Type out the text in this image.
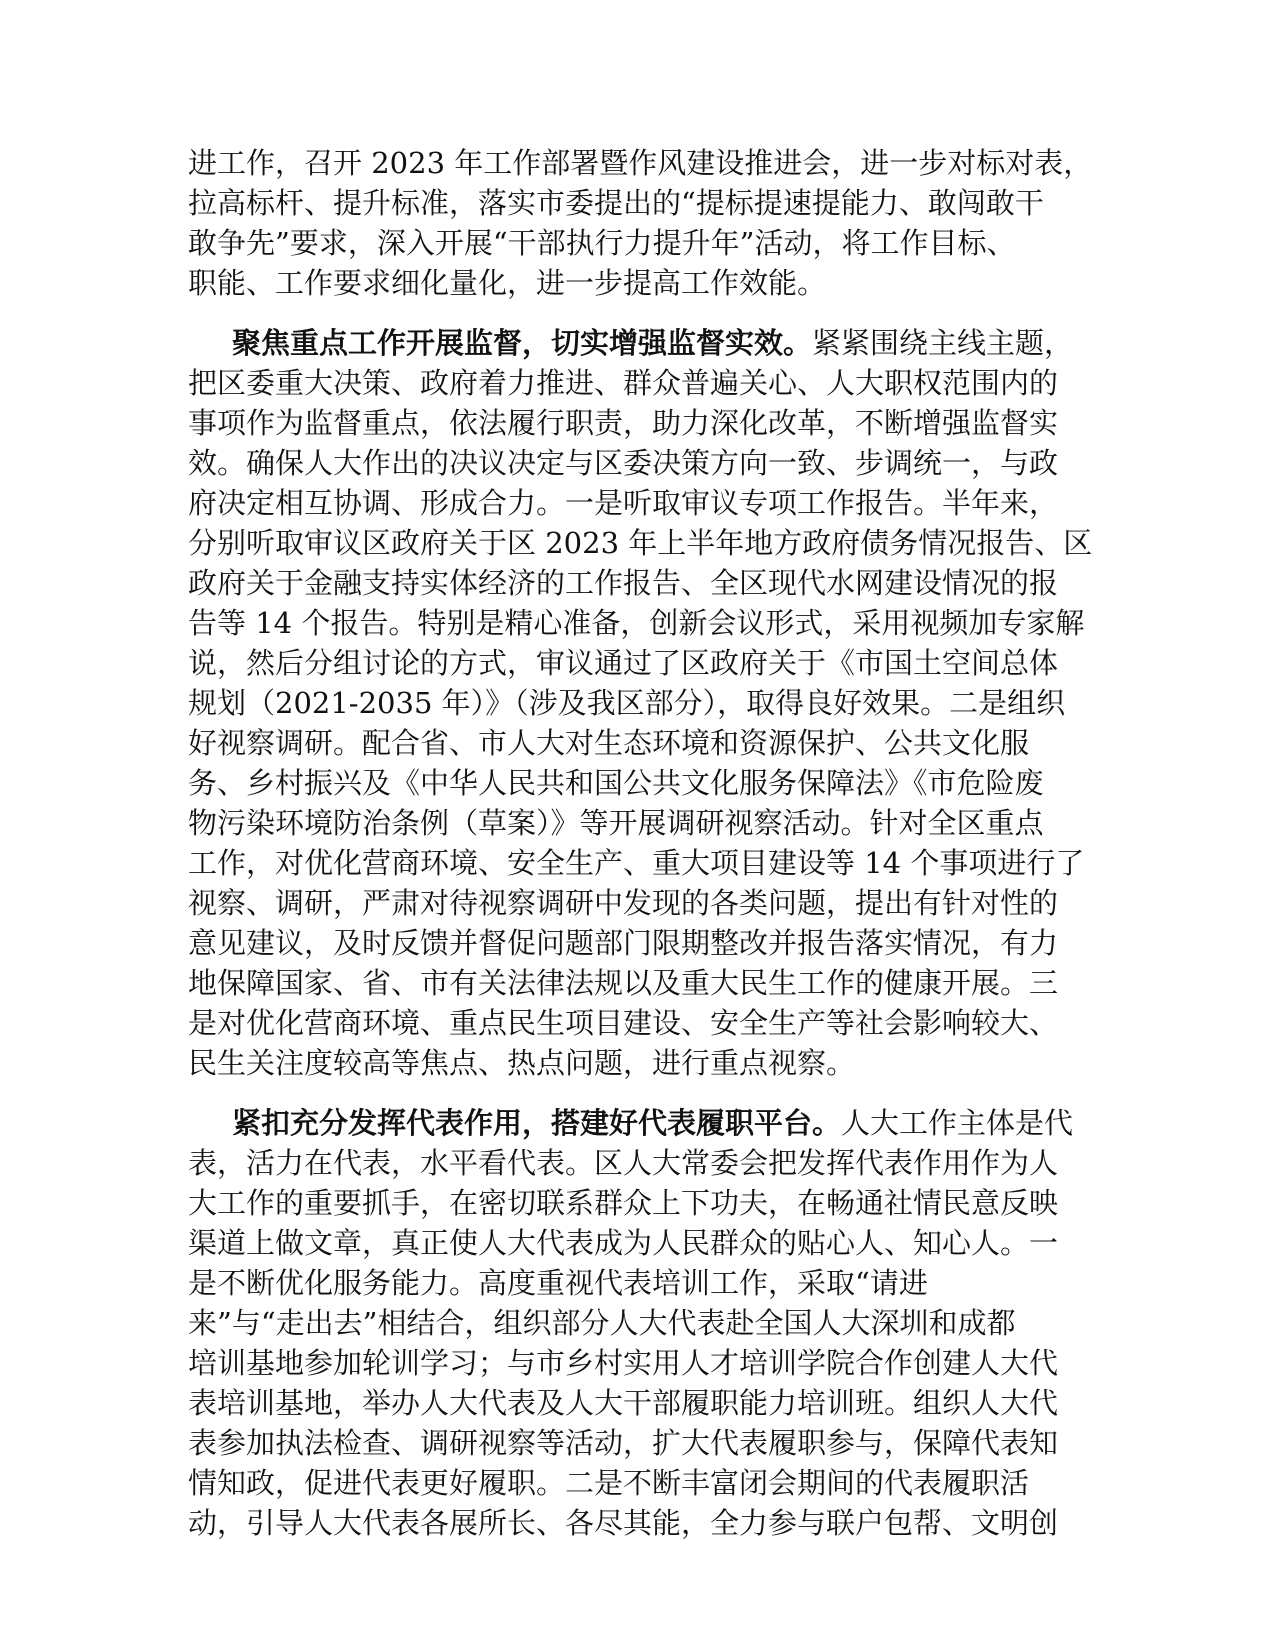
进工作，召开 2023 年工作部署暨作风建设推进会，进一步对标对表，

拉高标杆、提升标准，落实市委提出的“提标提速提能力、敢闯敢干

敢争先”要求，深入开展“干部执行力提升年”活动，将工作目标、

职能、工作要求细化量化，进一步提高工作效能。

聚焦重点工作开展监督，切实增强监督实效。紧紧围绕主线主题，

把区委重大决策、政府着力推进、群众普遍关心、人大职权范围内的

事项作为监督重点，依法履行职责，助力深化改革，不断增强监督实

效。确保人大作出的决议决定与区委决策方向一致、步调统一，与政

府决定相互协调、形成合力。一是听取审议专项工作报告。半年来，

分别听取审议区政府关于区 2023 年上半年地方政府债务情况报告、区

政府关于金融支持实体经济的工作报告、全区现代水网建设情况的报

告等 14 个报告。特别是精心准备，创新会议形式，采用视频加专家解

说，然后分组讨论的方式，审议通过了区政府关于《市国土空间总体

规划（2021-2035 年）》（涉及我区部分），取得良好效果。二是组织

好视察调研。配合省、市人大对生态环境和资源保护、公共文化服

务、乡村振兴及《中华人民共和国公共文化服务保障法》《市危险废

物污染环境防治条例（草案）》等开展调研视察活动。针对全区重点

工作，对优化营商环境、安全生产、重大项目建设等 14 个事项进行了

视察、调研，严肃对待视察调研中发现的各类问题，提出有针对性的

意见建议，及时反馈并督促问题部门限期整改并报告落实情况，有力

地保障国家、省、市有关法律法规以及重大民生工作的健康开展。三

是对优化营商环境、重点民生项目建设、安全生产等社会影响较大、

民生关注度较高等焦点、热点问题，进行重点视察。

紧扣充分发挥代表作用，搭建好代表履职平台。人大工作主体是代

表，活力在代表，水平看代表。区人大常委会把发挥代表作用作为人

大工作的重要抓手，在密切联系群众上下功夫，在畅通社情民意反映

渠道上做文章，真正使人大代表成为人民群众的贴心人、知心人。一

是不断优化服务能力。高度重视代表培训工作，采取“请进

来”与“走出去”相结合，组织部分人大代表赴全国人大深圳和成都

培训基地参加轮训学习；与市乡村实用人才培训学院合作创建人大代

表培训基地，举办人大代表及人大干部履职能力培训班。组织人大代

表参加执法检查、调研视察等活动，扩大代表履职参与，保障代表知

情知政，促进代表更好履职。二是不断丰富闭会期间的代表履职活

动，引导人大代表各展所长、各尽其能，全力参与联户包帮、文明创
